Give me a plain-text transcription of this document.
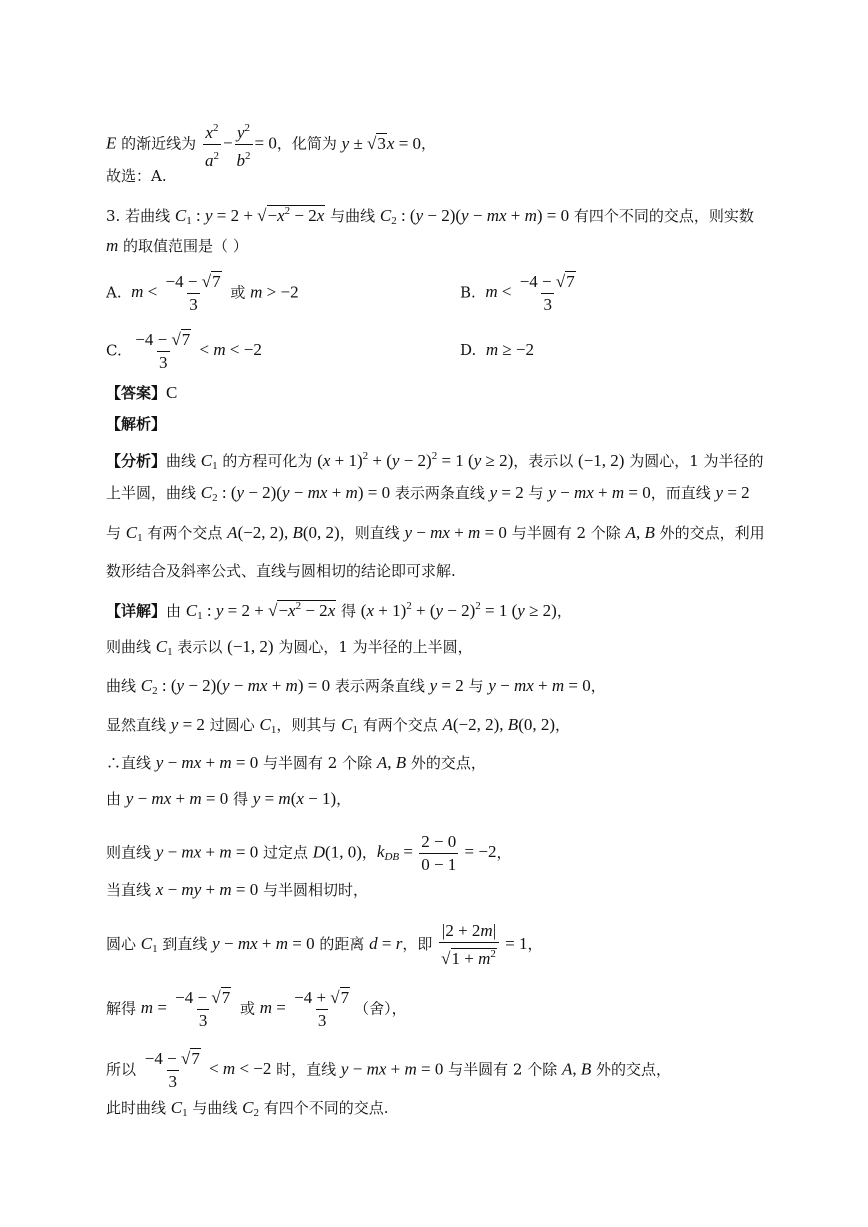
E 的渐近线为 $\frac{x^2}{a^2} - \frac{y^2}{b^2} = 0$，化简为 y ± √3x = 0，
故选：A.
3. 若曲线 $C_1$ : $y = 2 + √-x^2 - 2x$ 与曲线 $C_2$ : (y − 2)(y − mx + m) = 0 有四个不同的交点，则实数
m 的取值范围是（ ）
A. $m < \frac{-4 - √7}{3}$ 或 m > −2	B. $m < \frac{-4 - √7}{3}$
C. $\frac{-4 - √7}{3} < m < -2$	D. m ≥ −2
【答案】C
【解析】
【分析】曲线 $C_1$ 的方程可化为 $(x + 1)^2 + (y - 2)^2 = 1$ (y ≥ 2)，表示以 (−1, 2) 为圆心，1 为半径的
上半圆，曲线 $C_2$ : (y − 2)(y − mx + m) = 0 表示两条直线 y = 2 与 y − mx + m = 0，而直线 y = 2
与 $C_1$ 有两个交点 A(−2, 2), B(0, 2)，则直线 y − mx + m = 0 与半圆有 2 个除 A, B 外的交点，利用
数形结合及斜率公式、直线与圆相切的结论即可求解.
【详解】由 $C_1$ : $y = 2 + √-x^2 - 2x$ 得 $(x + 1)^2 + (y - 2)^2 = 1$ (y ≥ 2)，
则曲线 $C_1$ 表示以 (−1, 2) 为圆心，1 为半径的上半圆，
曲线 $C_2$ : (y − 2)(y − mx + m) = 0 表示两条直线 y = 2 与 y − mx + m = 0，
显然直线 y = 2 过圆心 $C_1$，则其与 $C_1$ 有两个交点 A(−2, 2), B(0, 2)，
∴直线 y − mx + m = 0 与半圆有 2 个除 A, B 外的交点，
由 y − mx + m = 0 得 y = m(x − 1)，
则直线 y − mx + m = 0 过定点 D(1, 0)，$k_{DB} = \frac{2 - 0}{0 - 1} = -2$，
当直线 x − my + m = 0 与半圆相切时，
圆心 $C_1$ 到直线 y − mx + m = 0 的距离 d = r，即 $\frac{|2 + 2m|}{√1 + m^2} = 1$，
解得 $m = \frac{-4 - √7}{3}$ 或 $m = \frac{-4 + √7}{3}$ （舍），
所以 $\frac{-4 - √7}{3} < m < -2$ 时，直线 y − mx + m = 0 与半圆有 2 个除 A, B 外的交点，
此时曲线 $C_1$ 与曲线 $C_2$ 有四个不同的交点.
